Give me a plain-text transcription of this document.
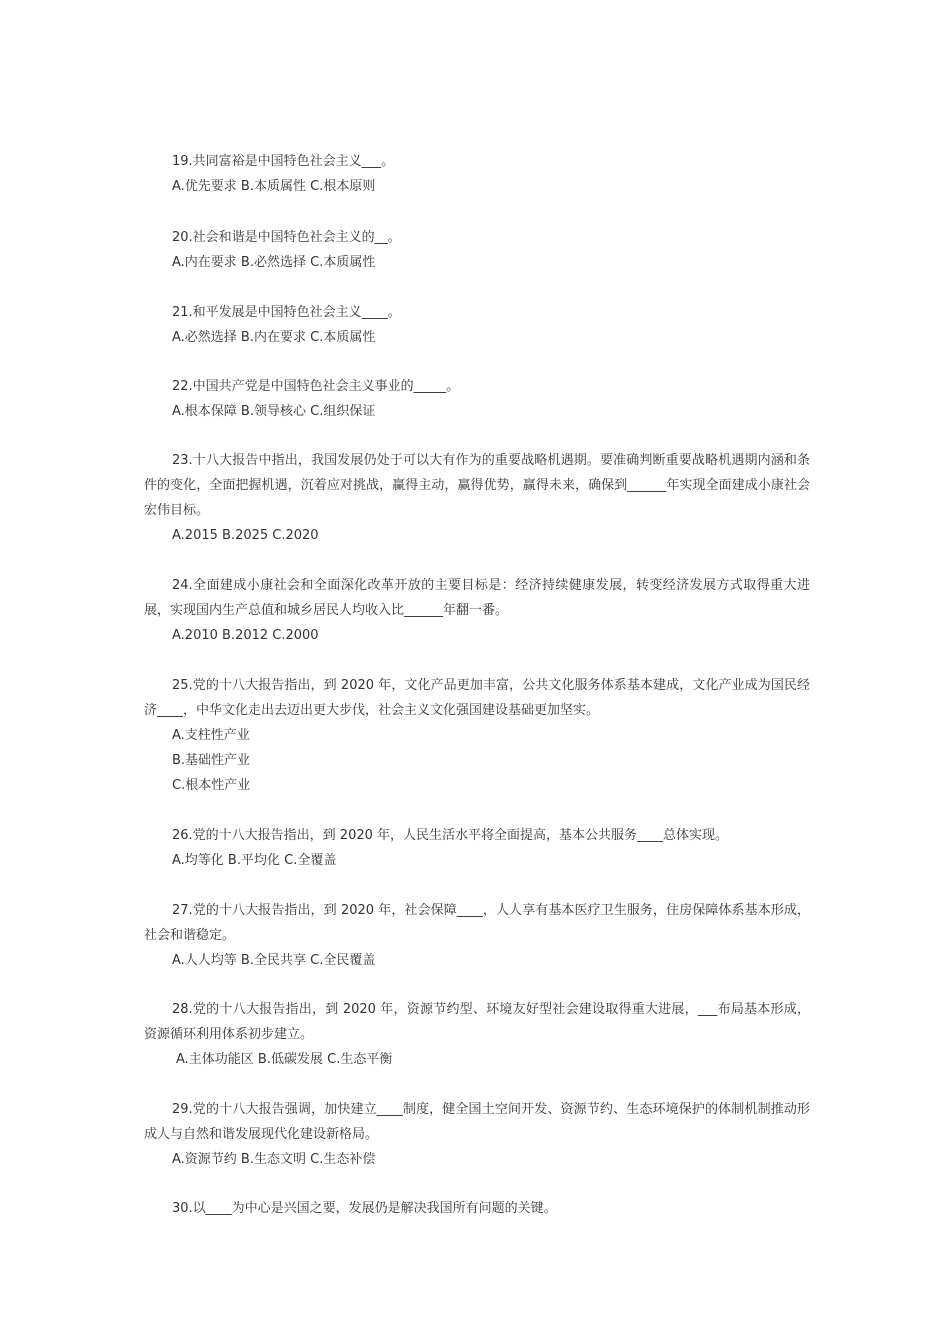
19.共同富裕是中国特色社会主义___。

A.优先要求 B.本质属性 C.根本原则

20.社会和谐是中国特色社会主义的__。

A.内在要求 B.必然选择 C.本质属性

21.和平发展是中国特色社会主义____。

A.必然选择 B.内在要求 C.本质属性

22.中国共产党是中国特色社会主义事业的_____。

A.根本保障 B.领导核心 C.组织保证

23.十八大报告中指出，我国发展仍处于可以大有作为的重要战略机遇期。要准确判断重要战略机遇期内涵和条件的变化，全面把握机遇，沉着应对挑战，赢得主动，赢得优势，赢得未来，确保到______年实现全面建成小康社会宏伟目标。

A.2015 B.2025 C.2020

24.全面建成小康社会和全面深化改革开放的主要目标是：经济持续健康发展，转变经济发展方式取得重大进展，实现国内生产总值和城乡居民人均收入比______年翻一番。

A.2010 B.2012 C.2000

25.党的十八大报告指出，到 2020 年，文化产品更加丰富，公共文化服务体系基本建成，文化产业成为国民经济____，中华文化走出去迈出更大步伐，社会主义文化强国建设基础更加坚实。

A.支柱性产业

B.基础性产业

C.根本性产业

26.党的十八大报告指出，到 2020 年，人民生活水平将全面提高，基本公共服务____总体实现。

A.均等化 B.平均化 C.全覆盖

27.党的十八大报告指出，到 2020 年，社会保障____，人人享有基本医疗卫生服务，住房保障体系基本形成，社会和谐稳定。

A.人人均等 B.全民共享 C.全民覆盖

28.党的十八大报告指出，到 2020 年，资源节约型、环境友好型社会建设取得重大进展，___布局基本形成，资源循环利用体系初步建立。

A.主体功能区 B.低碳发展 C.生态平衡

29.党的十八大报告强调，加快建立____制度，健全国土空间开发、资源节约、生态环境保护的体制机制推动形成人与自然和谐发展现代化建设新格局。

A.资源节约 B.生态文明 C.生态补偿

30.以____为中心是兴国之要，发展仍是解决我国所有问题的关键。
